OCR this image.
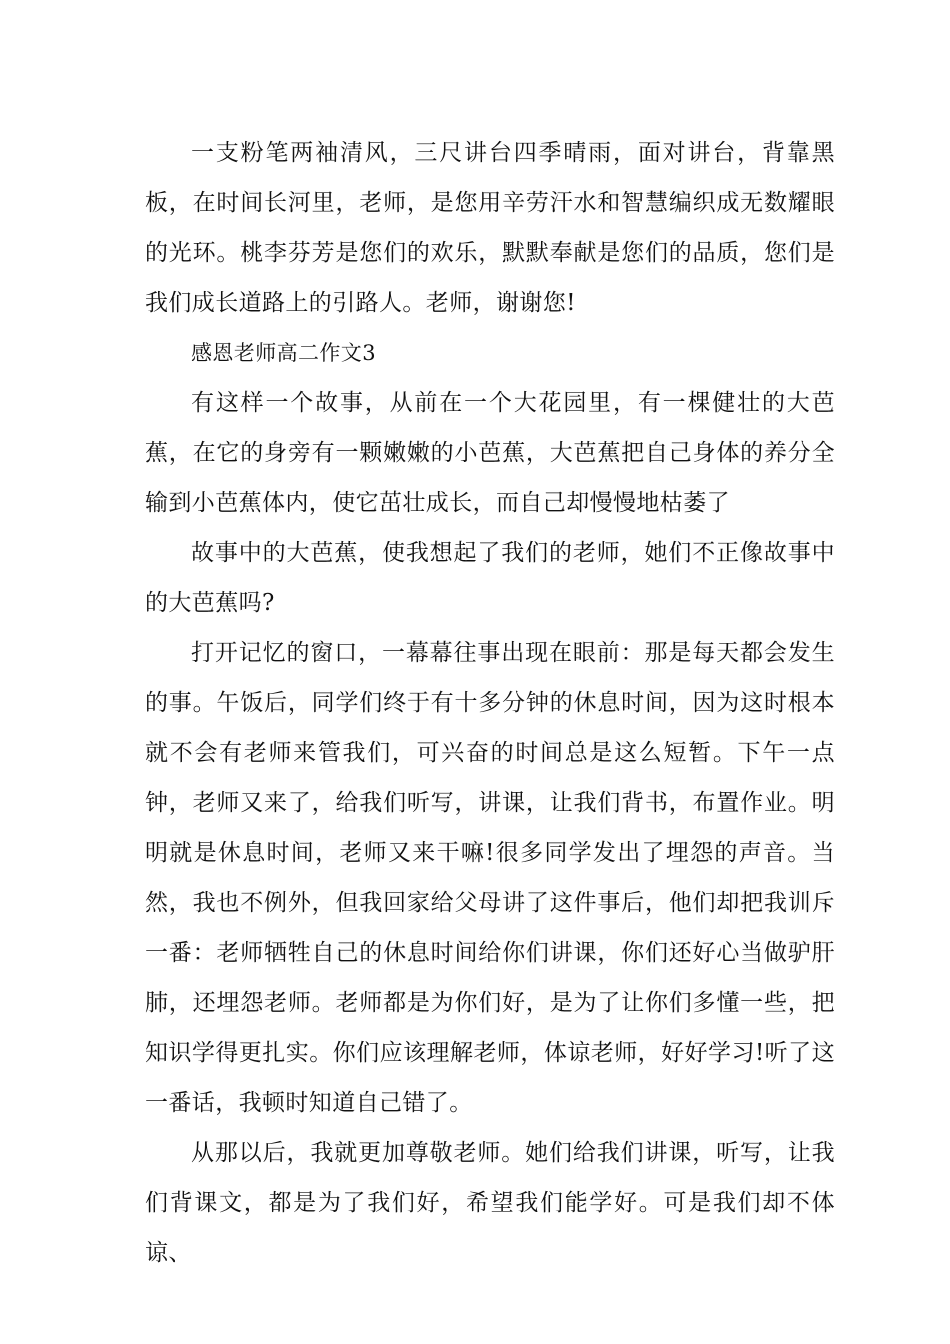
一支粉笔两袖清风，三尺讲台四季晴雨，面对讲台，背靠黑板，在时间长河里，老师，是您用辛劳汗水和智慧编织成无数耀眼的光环。桃李芬芳是您们的欢乐，默默奉献是您们的品质，您们是我们成长道路上的引路人。老师，谢谢您!

感恩老师高二作文3

有这样一个故事，从前在一个大花园里，有一棵健壮的大芭蕉，在它的身旁有一颗嫩嫩的小芭蕉，大芭蕉把自己身体的养分全输到小芭蕉体内，使它茁壮成长，而自己却慢慢地枯萎了

故事中的大芭蕉，使我想起了我们的老师，她们不正像故事中的大芭蕉吗?

打开记忆的窗口，一幕幕往事出现在眼前：那是每天都会发生的事。午饭后，同学们终于有十多分钟的休息时间，因为这时根本就不会有老师来管我们，可兴奋的时间总是这么短暂。下午一点钟，老师又来了，给我们听写，讲课，让我们背书，布置作业。明明就是休息时间，老师又来干嘛!很多同学发出了埋怨的声音。当然，我也不例外，但我回家给父母讲了这件事后，他们却把我训斥一番：老师牺牲自己的休息时间给你们讲课，你们还好心当做驴肝肺，还埋怨老师。老师都是为你们好，是为了让你们多懂一些，把知识学得更扎实。你们应该理解老师，体谅老师，好好学习!听了这一番话，我顿时知道自己错了。

从那以后，我就更加尊敬老师。她们给我们讲课，听写，让我们背课文，都是为了我们好，希望我们能学好。可是我们却不体谅、
